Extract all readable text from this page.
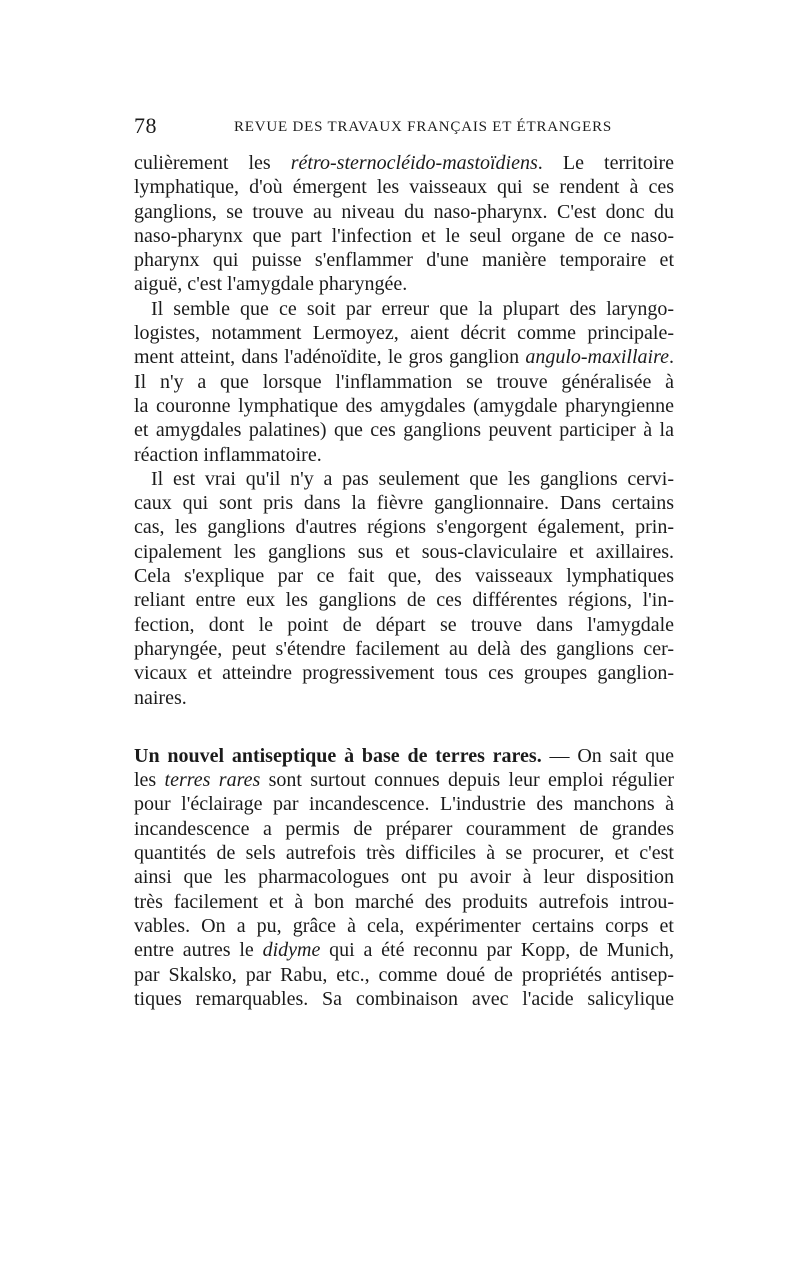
78	REVUE DES TRAVAUX FRANÇAIS ET ÉTRANGERS
culièrement les rétro-sternocléido-mastoïdiens. Le territoire
lymphatique, d'où émergent les vaisseaux qui se rendent à ces
ganglions, se trouve au niveau du naso-pharynx. C'est donc du
naso-pharynx que part l'infection et le seul organe de ce naso-
pharynx qui puisse s'enflammer d'une manière temporaire et
aiguë, c'est l'amygdale pharyngée.
Il semble que ce soit par erreur que la plupart des laryngo-
logistes, notamment Lermoyez, aient décrit comme principale-
ment atteint, dans l'adénoïdite, le gros ganglion angulo-maxillaire.
Il n'y a que lorsque l'inflammation se trouve généralisée à
la couronne lymphatique des amygdales (amygdale pharyngienne
et amygdales palatines) que ces ganglions peuvent participer à la
réaction inflammatoire.
Il est vrai qu'il n'y a pas seulement que les ganglions cervi-
caux qui sont pris dans la fièvre ganglionnaire. Dans certains
cas, les ganglions d'autres régions s'engorgent également, prin-
cipalement les ganglions sus et sous-claviculaire et axillaires.
Cela s'explique par ce fait que, des vaisseaux lymphatiques
reliant entre eux les ganglions de ces différentes régions, l'in-
fection, dont le point de départ se trouve dans l'amygdale
pharyngée, peut s'étendre facilement au delà des ganglions cer-
vicaux et atteindre progressivement tous ces groupes ganglion-
naires.
Un nouvel antiseptique à base de terres rares. — On sait que
les terres rares sont surtout connues depuis leur emploi régulier
pour l'éclairage par incandescence. L'industrie des manchons à
incandescence a permis de préparer couramment de grandes
quantités de sels autrefois très difficiles à se procurer, et c'est
ainsi que les pharmacologues ont pu avoir à leur disposition
très facilement et à bon marché des produits autrefois introu-
vables. On a pu, grâce à cela, expérimenter certains corps et
entre autres le didyme qui a été reconnu par Kopp, de Munich,
par Skalsko, par Rabu, etc., comme doué de propriétés antisep-
tiques remarquables. Sa combinaison avec l'acide salicylique
